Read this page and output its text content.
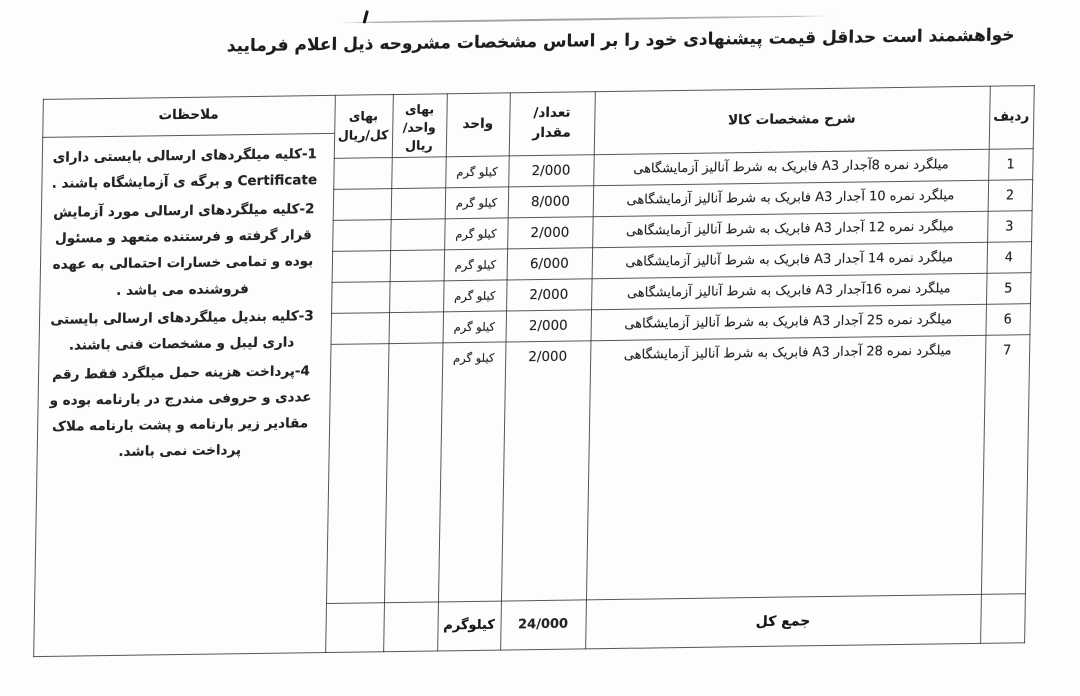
خواهشمند است حداقل قیمت پیشنهادی خود را بر اساس مشخصات مشروحه ذیل اعلام فرمایید
ردیف
شرح مشخصات کالا
تعداد/
مقدار
واحد
بهای
واحد/
ریال
بهای
کل/ریال
ملاحظات
1
میلگرد نمره 8آجدار A3 فابریک به شرط آنالیز آزمایشگاهی
2/000
کیلو گرم
2
میلگرد نمره 10 آجدار A3 فابریک به شرط آنالیز آزمایشگاهی
8/000
کیلو گرم
3
میلگرد نمره 12 آجدار A3 فابریک به شرط آنالیز آزمایشگاهی
2/000
کیلو گرم
4
میلگرد نمره 14 آجدار A3 فابریک به شرط آنالیز آزمایشگاهی
6/000
کیلو گرم
5
میلگرد نمره 16آجدار A3 فابریک به شرط آنالیز آزمایشگاهی
2/000
کیلو گرم
6
میلگرد نمره 25 آجدار A3 فابریک به شرط آنالیز آزمایشگاهی
2/000
کیلو گرم
7
میلگرد نمره 28 آجدار A3 فابریک به شرط آنالیز آزمایشگاهی
2/000
کیلو گرم

1-کلیه میلگردهای ارسالی بایستی دارای Certificate و برگه ی آزمایشگاه باشند .

2-کلیه میلگردهای ارسالی مورد آزمایش قرار گرفته و فرستنده متعهد و مسئول بوده و تمامی خسارات احتمالی به عهده فروشنده می باشد .

3-کلیه بندیل میلگردهای ارسالی بایستی داری لیبل و مشخصات فنی باشند.

4-پرداخت هزینه حمل میلگرد فقط رقم عددی و حروفی مندرج در بارنامه بوده و مقادیر زیر بارنامه و پشت بارنامه ملاک پرداخت نمی باشد.

جمع کل
24/000
کیلوگرم
